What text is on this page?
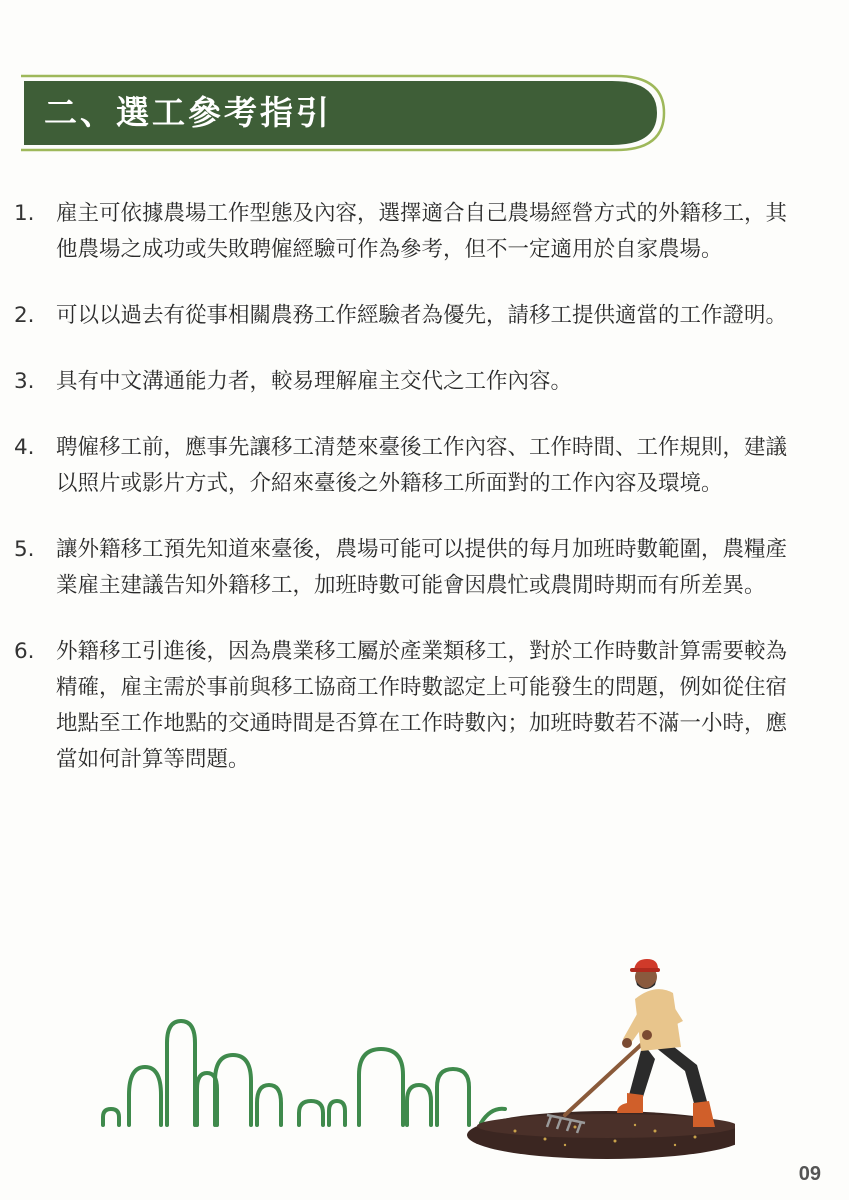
二、選工參考指引
1. 雇主可依據農場工作型態及內容，選擇適合自己農場經營方式的外籍移工，其他農場之成功或失敗聘僱經驗可作為參考，但不一定適用於自家農場。
2. 可以以過去有從事相關農務工作經驗者為優先，請移工提供適當的工作證明。
3. 具有中文溝通能力者，較易理解雇主交代之工作內容。
4. 聘僱移工前，應事先讓移工清楚來臺後工作內容、工作時間、工作規則，建議以照片或影片方式，介紹來臺後之外籍移工所面對的工作內容及環境。
5. 讓外籍移工預先知道來臺後，農場可能可以提供的每月加班時數範圍，農糧產業雇主建議告知外籍移工，加班時數可能會因農忙或農閒時期而有所差異。
6. 外籍移工引進後，因為農業移工屬於產業類移工，對於工作時數計算需要較為精確，雇主需於事前與移工協商工作時數認定上可能發生的問題，例如從住宿地點至工作地點的交通時間是否算在工作時數內；加班時數若不滿一小時，應當如何計算等問題。
09
